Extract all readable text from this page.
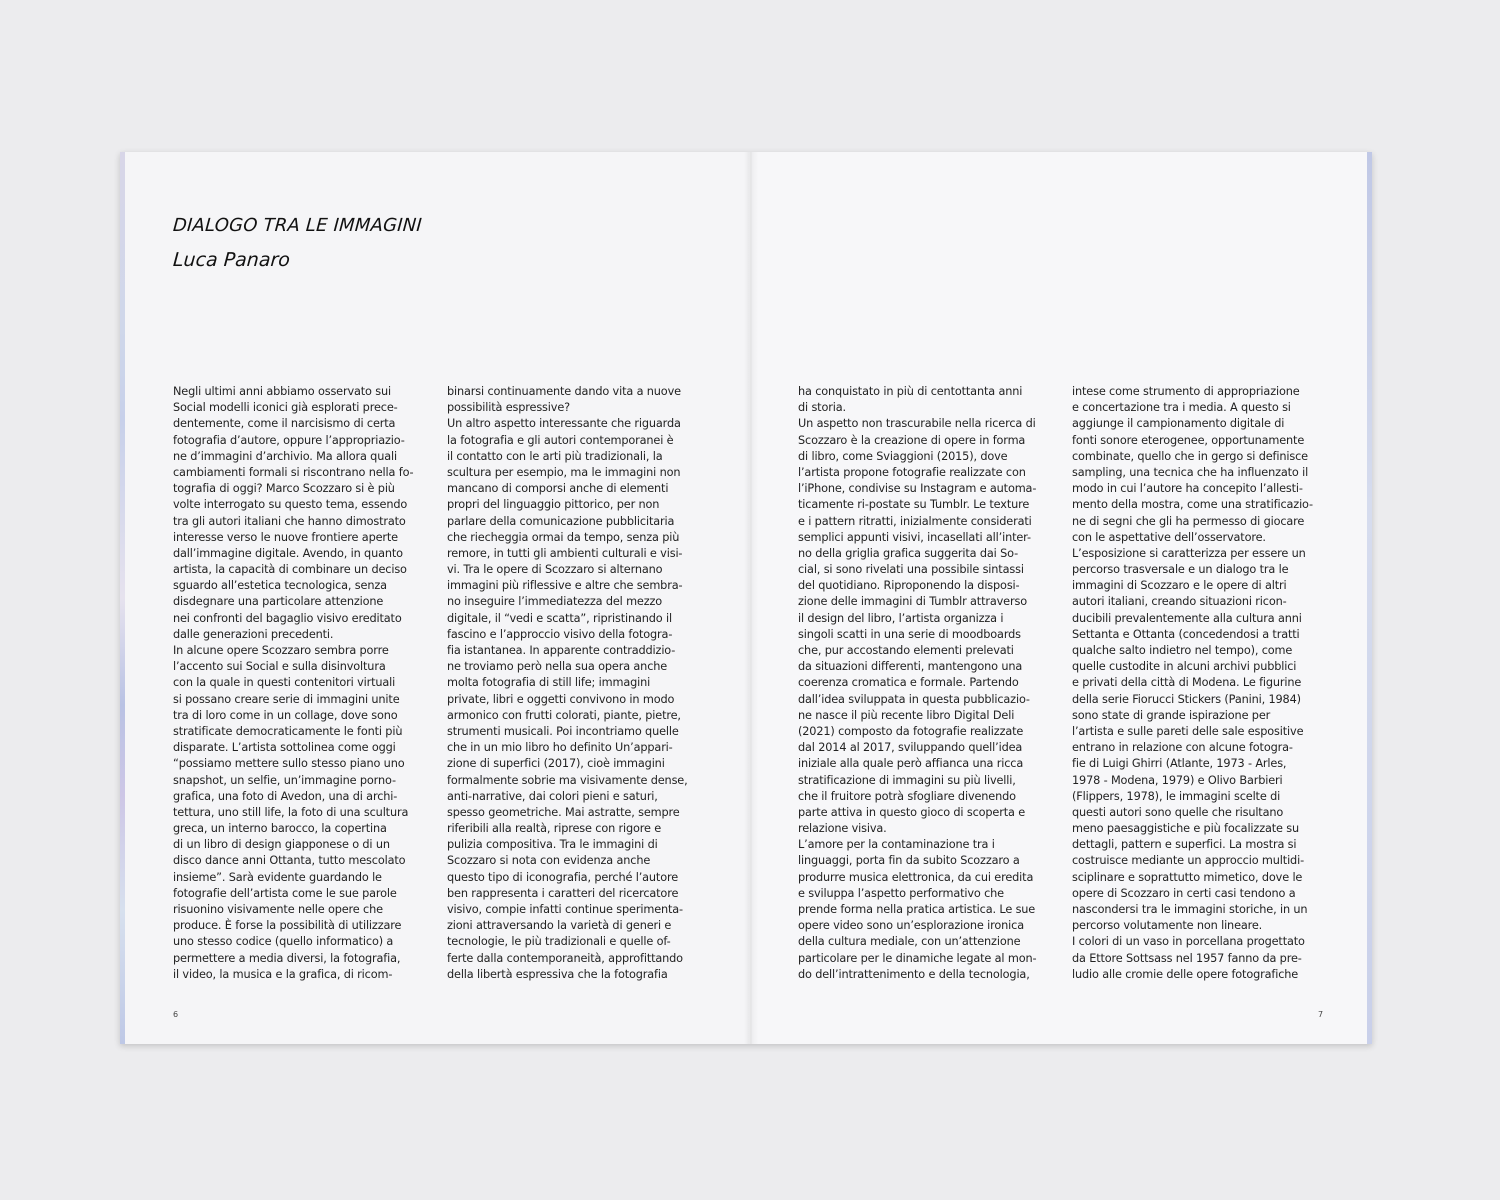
DIALOGO TRA LE IMMAGINI
Luca Panaro
Negli ultimi anni abbiamo osservato sui
Social modelli iconici già esplorati prece-
dentemente, come il narcisismo di certa
fotografia d’autore, oppure l’appropriazio-
ne d’immagini d’archivio. Ma allora quali
cambiamenti formali si riscontrano nella fo-
tografia di oggi? Marco Scozzaro si è più
volte interrogato su questo tema, essendo
tra gli autori italiani che hanno dimostrato
interesse verso le nuove frontiere aperte
dall’immagine digitale. Avendo, in quanto
artista, la capacità di combinare un deciso
sguardo all’estetica tecnologica, senza
disdegnare una particolare attenzione
nei confronti del bagaglio visivo ereditato
dalle generazioni precedenti.
In alcune opere Scozzaro sembra porre
l’accento sui Social e sulla disinvoltura
con la quale in questi contenitori virtuali
si possano creare serie di immagini unite
tra di loro come in un collage, dove sono
stratificate democraticamente le fonti più
disparate. L’artista sottolinea come oggi
“possiamo mettere sullo stesso piano uno
snapshot, un selfie, un’immagine porno-
grafica, una foto di Avedon, una di archi-
tettura, uno still life, la foto di una scultura
greca, un interno barocco, la copertina
di un libro di design giapponese o di un
disco dance anni Ottanta, tutto mescolato
insieme”. Sarà evidente guardando le
fotografie dell’artista come le sue parole
risuonino visivamente nelle opere che
produce. È forse la possibilità di utilizzare
uno stesso codice (quello informatico) a
permettere a media diversi, la fotografia,
il video, la musica e la grafica, di ricom-
binarsi continuamente dando vita a nuove
possibilità espressive?
Un altro aspetto interessante che riguarda
la fotografia e gli autori contemporanei è
il contatto con le arti più tradizionali, la
scultura per esempio, ma le immagini non
mancano di comporsi anche di elementi
propri del linguaggio pittorico, per non
parlare della comunicazione pubblicitaria
che riecheggia ormai da tempo, senza più
remore, in tutti gli ambienti culturali e visi-
vi. Tra le opere di Scozzaro si alternano
immagini più riflessive e altre che sembra-
no inseguire l’immediatezza del mezzo
digitale, il “vedi e scatta”, ripristinando il
fascino e l’approccio visivo della fotogra-
fia istantanea. In apparente contraddizio-
ne troviamo però nella sua opera anche
molta fotografia di still life; immagini
private, libri e oggetti convivono in modo
armonico con frutti colorati, piante, pietre,
strumenti musicali. Poi incontriamo quelle
che in un mio libro ho definito Un’appari-
zione di superfici (2017), cioè immagini
formalmente sobrie ma visivamente dense,
anti-narrative, dai colori pieni e saturi,
spesso geometriche. Mai astratte, sempre
riferibili alla realtà, riprese con rigore e
pulizia compositiva. Tra le immagini di
Scozzaro si nota con evidenza anche
questo tipo di iconografia, perché l’autore
ben rappresenta i caratteri del ricercatore
visivo, compie infatti continue sperimenta-
zioni attraversando la varietà di generi e
tecnologie, le più tradizionali e quelle of-
ferte dalla contemporaneità, approfittando
della libertà espressiva che la fotografia
ha conquistato in più di centottanta anni
di storia.
Un aspetto non trascurabile nella ricerca di
Scozzaro è la creazione di opere in forma
di libro, come Sviaggioni (2015), dove
l’artista propone fotografie realizzate con
l’iPhone, condivise su Instagram e automa-
ticamente ri-postate su Tumblr. Le texture
e i pattern ritratti, inizialmente considerati
semplici appunti visivi, incasellati all’inter-
no della griglia grafica suggerita dai So-
cial, si sono rivelati una possibile sintassi
del quotidiano. Riproponendo la disposi-
zione delle immagini di Tumblr attraverso
il design del libro, l’artista organizza i
singoli scatti in una serie di moodboards
che, pur accostando elementi prelevati
da situazioni differenti, mantengono una
coerenza cromatica e formale. Partendo
dall’idea sviluppata in questa pubblicazio-
ne nasce il più recente libro Digital Deli
(2021) composto da fotografie realizzate
dal 2014 al 2017, sviluppando quell’idea
iniziale alla quale però affianca una ricca
stratificazione di immagini su più livelli,
che il fruitore potrà sfogliare divenendo
parte attiva in questo gioco di scoperta e
relazione visiva.
L’amore per la contaminazione tra i
linguaggi, porta fin da subito Scozzaro a
produrre musica elettronica, da cui eredita
e sviluppa l’aspetto performativo che
prende forma nella pratica artistica. Le sue
opere video sono un’esplorazione ironica
della cultura mediale, con un’attenzione
particolare per le dinamiche legate al mon-
do dell’intrattenimento e della tecnologia,
intese come strumento di appropriazione
e concertazione tra i media. A questo si
aggiunge il campionamento digitale di
fonti sonore eterogenee, opportunamente
combinate, quello che in gergo si definisce
sampling, una tecnica che ha influenzato il
modo in cui l’autore ha concepito l’allesti-
mento della mostra, come una stratificazio-
ne di segni che gli ha permesso di giocare
con le aspettative dell’osservatore.
L’esposizione si caratterizza per essere un
percorso trasversale e un dialogo tra le
immagini di Scozzaro e le opere di altri
autori italiani, creando situazioni ricon-
ducibili prevalentemente alla cultura anni
Settanta e Ottanta (concedendosi a tratti
qualche salto indietro nel tempo), come
quelle custodite in alcuni archivi pubblici
e privati della città di Modena. Le figurine
della serie Fiorucci Stickers (Panini, 1984)
sono state di grande ispirazione per
l’artista e sulle pareti delle sale espositive
entrano in relazione con alcune fotogra-
fie di Luigi Ghirri (Atlante, 1973 - Arles,
1978 - Modena, 1979) e Olivo Barbieri
(Flippers, 1978), le immagini scelte di
questi autori sono quelle che risultano
meno paesaggistiche e più focalizzate su
dettagli, pattern e superfici. La mostra si
costruisce mediante un approccio multidi-
sciplinare e soprattutto mimetico, dove le
opere di Scozzaro in certi casi tendono a
nascondersi tra le immagini storiche, in un
percorso volutamente non lineare.
I colori di un vaso in porcellana progettato
da Ettore Sottsass nel 1957 fanno da pre-
ludio alle cromie delle opere fotografiche
6	7
